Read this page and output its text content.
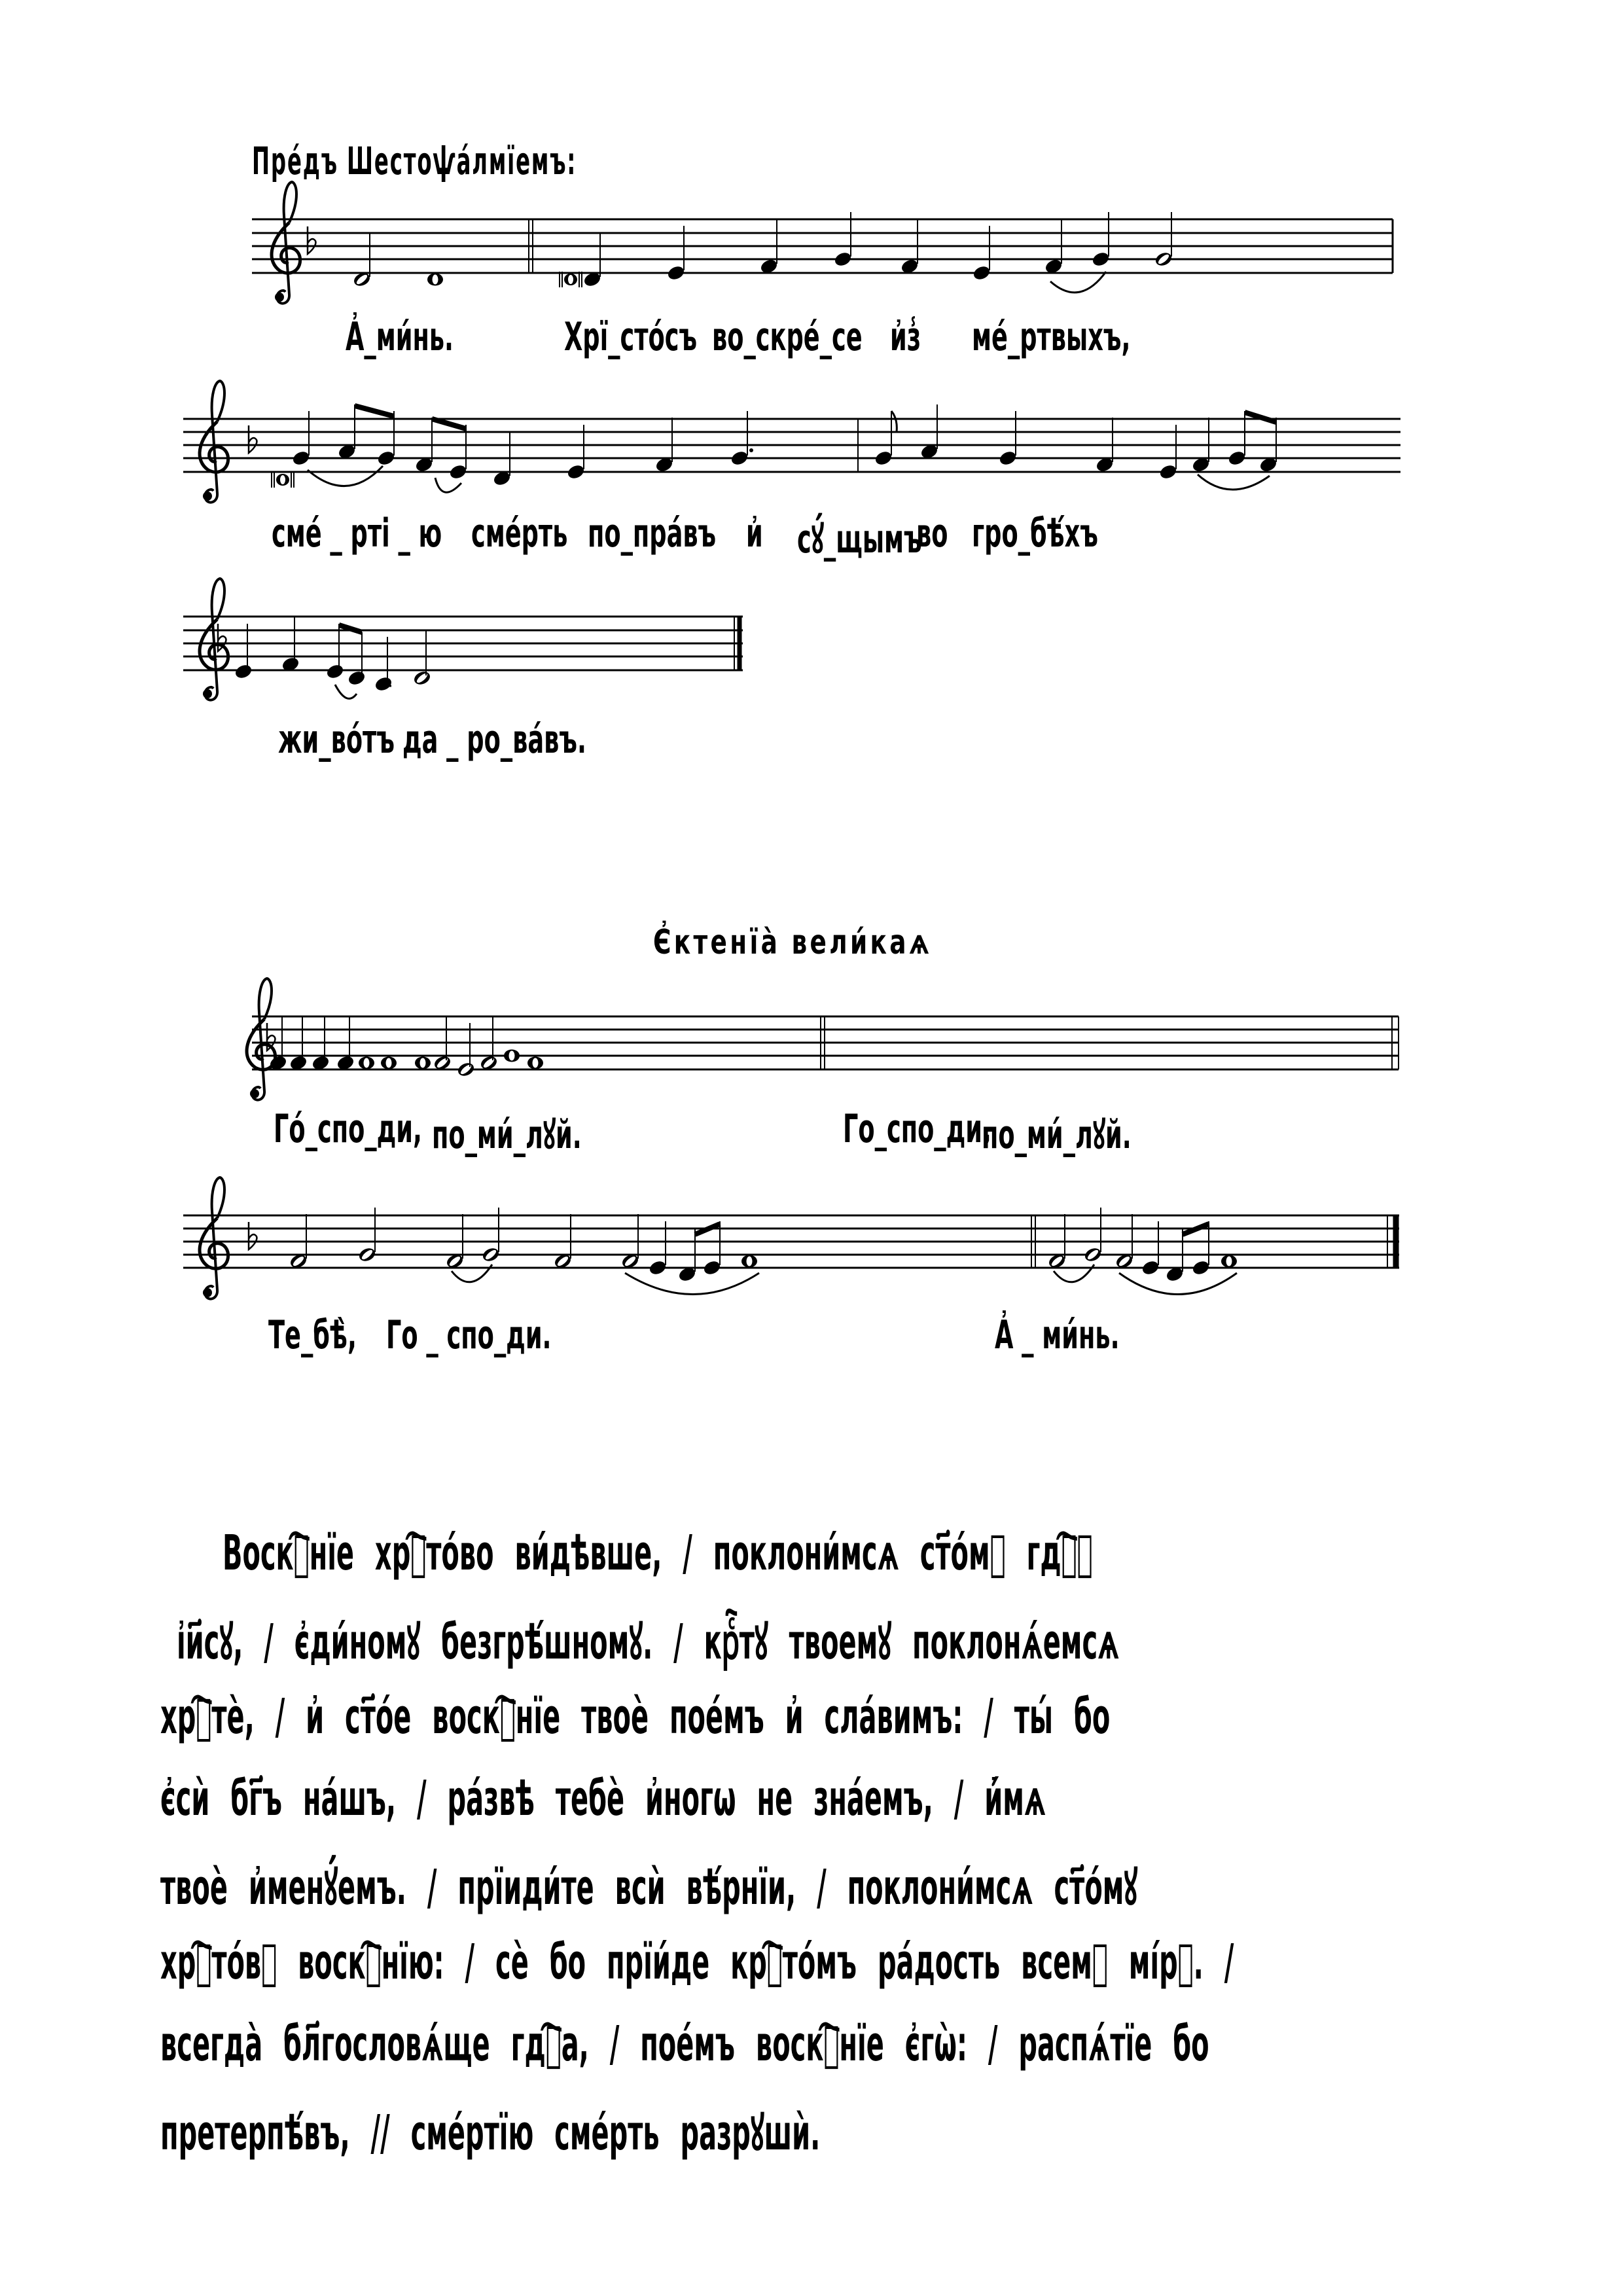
Пре́дъ Шестоѱа́лмїемъ:
А҆_ми́нь.	Хрї_сто́съ во_скре́_се и҆з̾ ме́_ртвыхъ,
сме́ _ рті _ ю сме́рть по_пра́въ и҆ сꙋ́_щымъ
во гро_бѣ́хъ
жи_во́тъ да _ ро_ва́въ.
Є҆ктенїа̀ вели́каѧ
Го́_спо_ди, по_ми́_лꙋй.	Го_спо_ди,
по_ми́_лꙋй.
Те_бѣ̀, Го _ спо_ди.	А҆ _ ми́нь.
Воскⷭ҇нїе хрⷭ҇то́во ви́дѣвше, / поклони́мсѧ ст҃о́мꙋ гдⷭ҇ꙋ
і҆и҃сꙋ, / є҆ди́номꙋ безгрѣ́шномꙋ. / крⷭ҇тꙋ твоемꙋ поклонѧ́емсѧ
хрⷭ҇тѐ, / и҆ ст҃о́е воскⷭ҇нїе твоѐ пое́мъ и҆ сла́вимъ: / ты́ бо
є҆сѝ бг҃ъ на́шъ, / ра́звѣ тебѐ и҆ногѡ не зна́емъ, / и҆́мѧ
твоѐ и҆менꙋ́емъ. / прїиди́те всѝ вѣ́рнїи, / поклони́мсѧ ст҃о́мꙋ
хрⷭ҇то́вꙋ воскⷭ҇нїю: / сѐ бо прїи́де крⷭ҇то́мъ ра́дость всемꙋ мі́рꙋ. /
всегда̀ бл҃гословѧ́ще гдⷭ҇а, / пое́мъ воскⷭ҇нїе є҆гѡ̀: / распѧ́тїе бо
претерпѣ́въ, // сме́ртїю сме́рть разрꙋшѝ.
